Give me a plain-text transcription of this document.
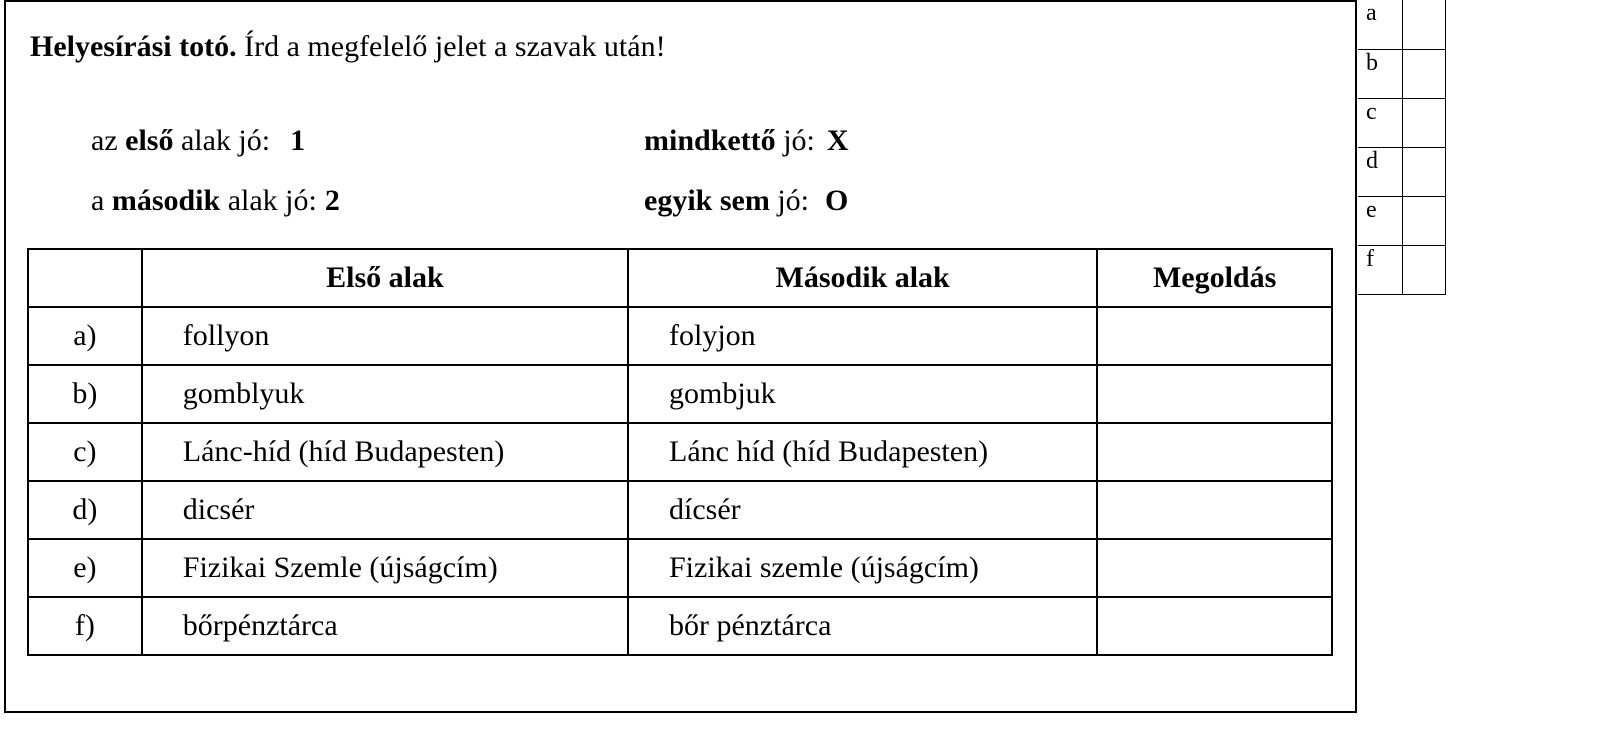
Helyesírási totó. Írd a megfelelő jelet a szavak után!
az első alak jó: 1
a második alak jó: 2
mindkettő jó: X
egyik sem jó: O
	Első alak	Második alak	Megoldás
a)	follyon	folyjon	
b)	gomblyuk	gombjuk	
c)	Lánc-híd (híd Budapesten)	Lánc híd (híd Budapesten)	
d)	dicsér	dícsér	
e)	Fizikai Szemle (újságcím)	Fizikai szemle (újságcím)	
f)	bőrpénztárca	bőr pénztárca	
a	
b	
c	
d	
e	
f	
